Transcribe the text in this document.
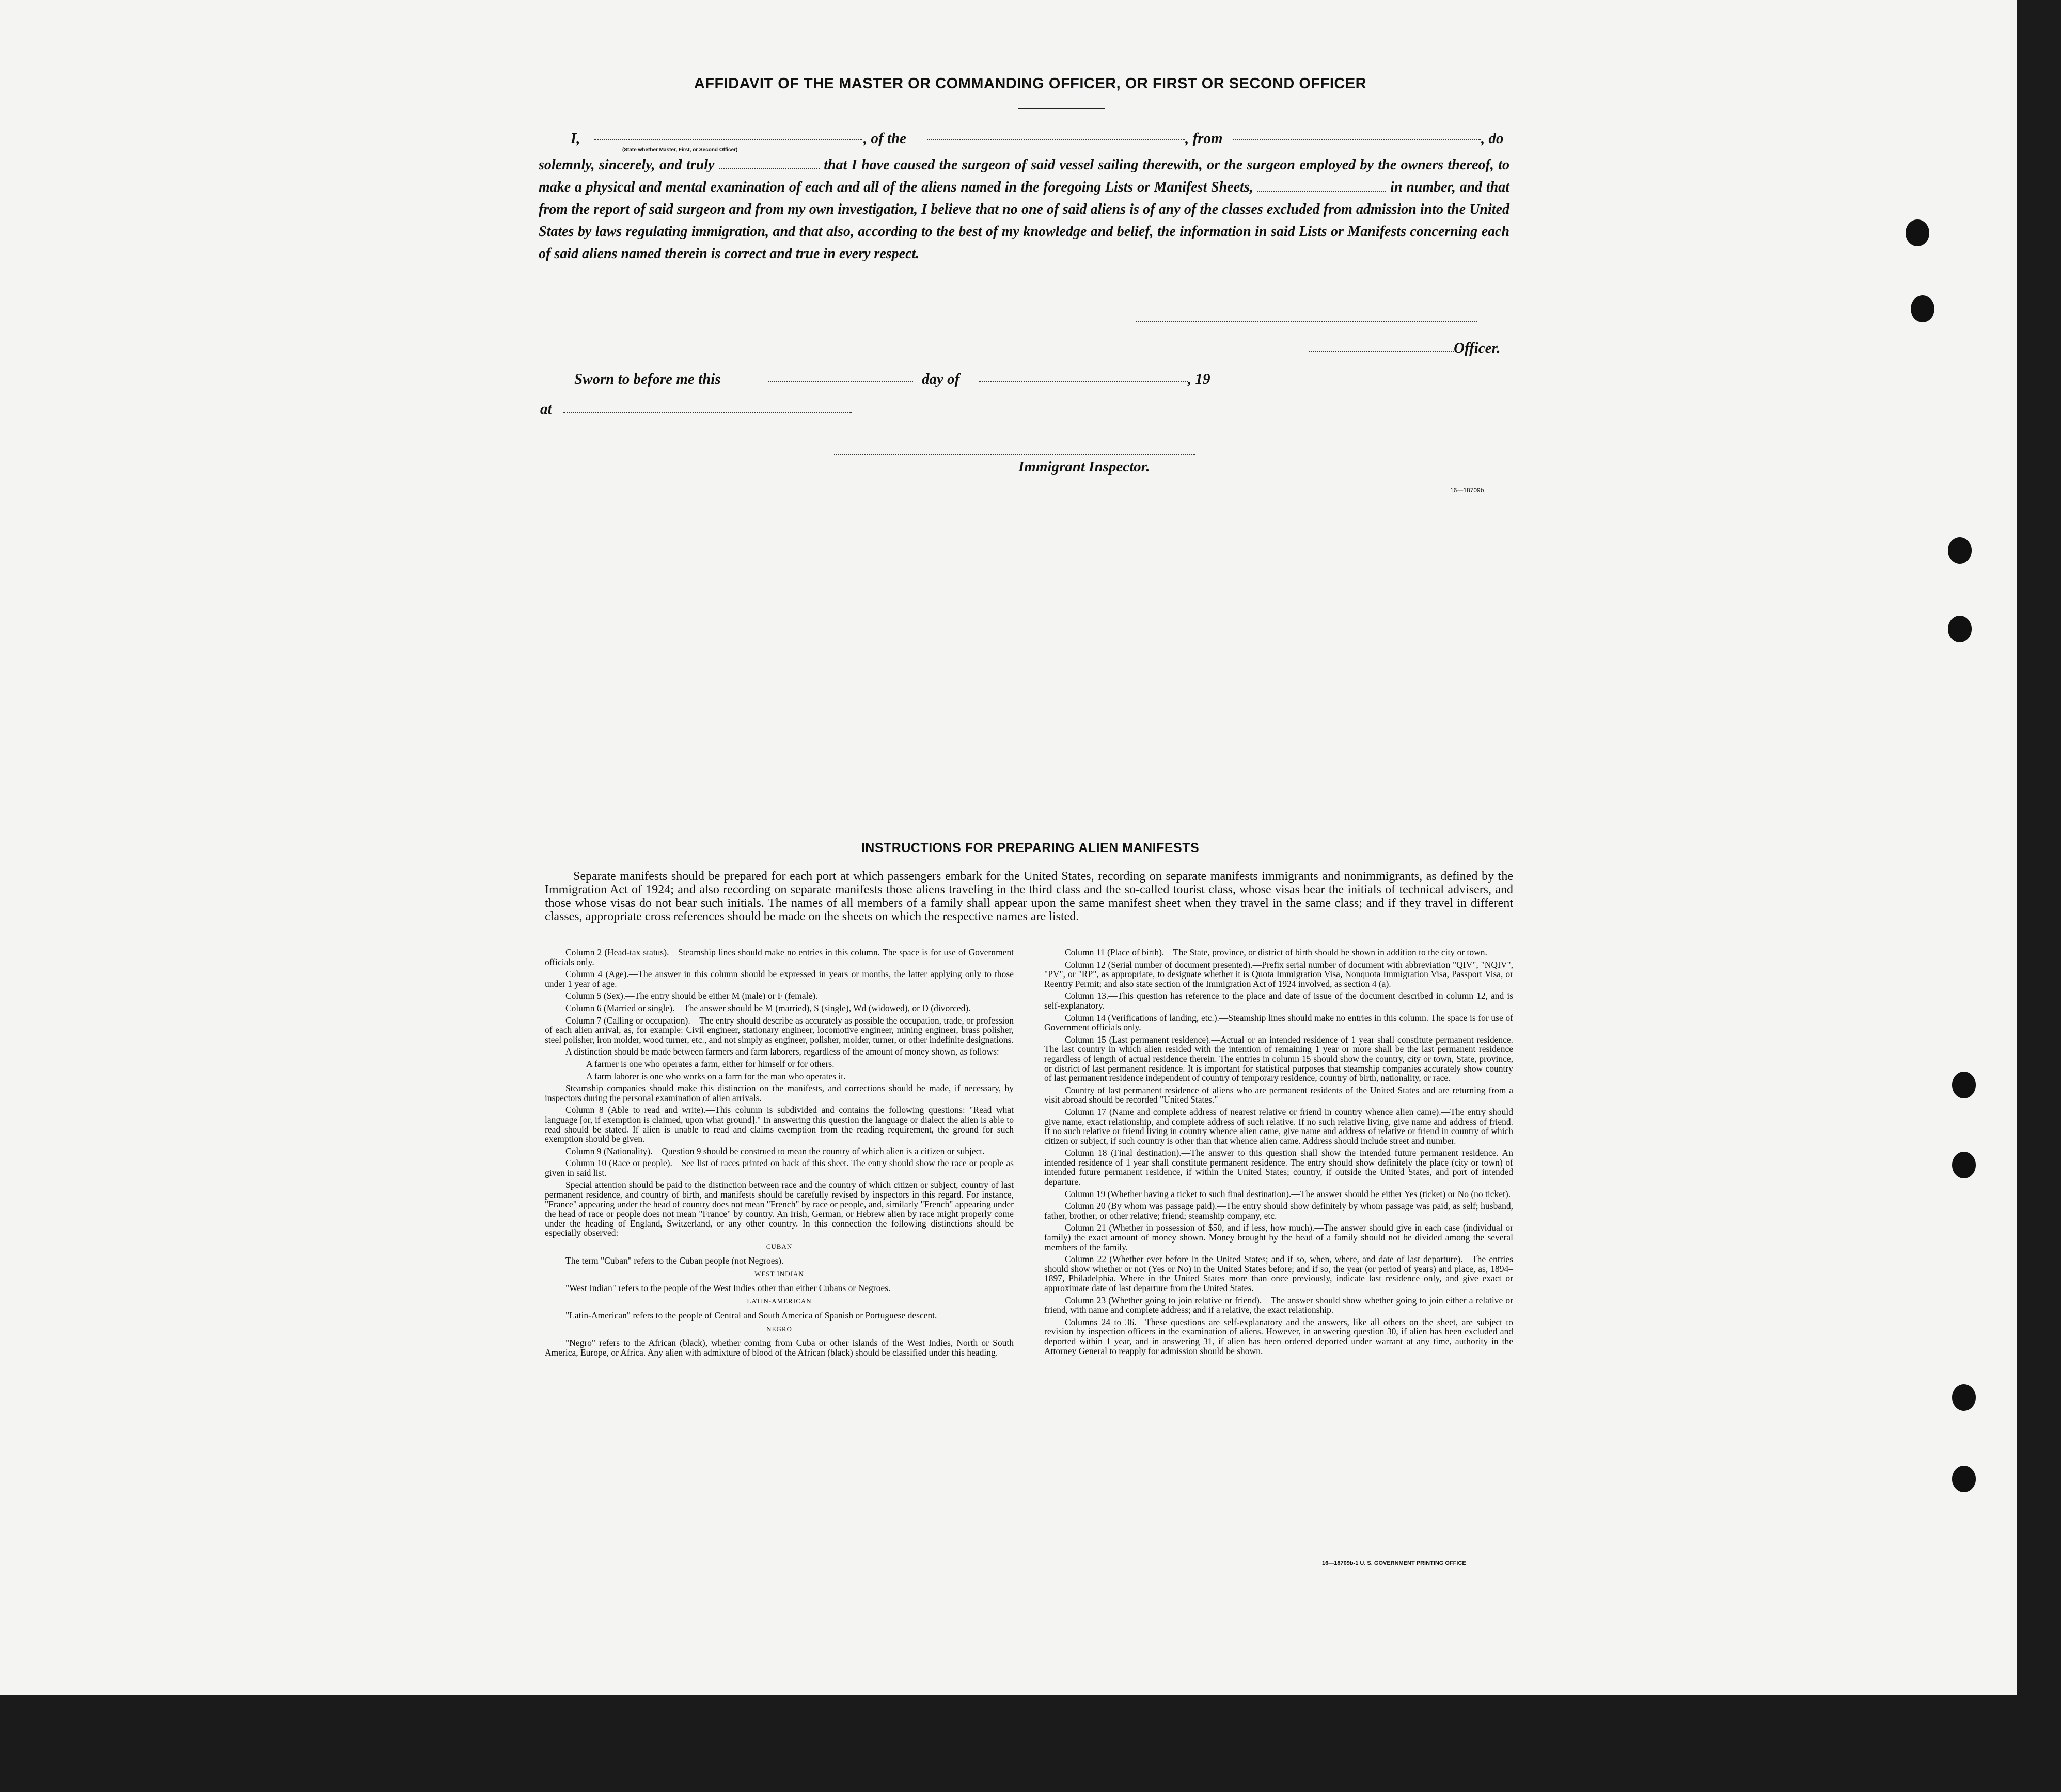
AFFIDAVIT OF THE MASTER OR COMMANDING OFFICER, OR FIRST OR SECOND OFFICER
I,	, of the	, from	, do
(State whether Master, First, or Second Officer)
solemnly, sincerely, and truly	that I have caused the surgeon of said vessel sailing therewith, or the surgeon employed by the owners thereof, to make a physical and mental examination of each and all of the aliens named in the foregoing Lists or Manifest Sheets,	in number, and that from the report of said surgeon and from my own investigation, I believe that no one of said aliens is of any of the classes excluded from admission into the United States by laws regulating immigration, and that also, according to the best of my knowledge and belief, the information in said Lists or Manifests concerning each of said aliens named therein is correct and true in every respect.
Officer.
Sworn to before me this	day of	, 19
at
Immigrant Inspector.
16—18709b
INSTRUCTIONS FOR PREPARING ALIEN MANIFESTS
Separate manifests should be prepared for each port at which passengers embark for the United States, recording on separate manifests immigrants and nonimmigrants, as defined by the Immigration Act of 1924; and also recording on separate manifests those aliens traveling in the third class and the so-called tourist class, whose visas bear the initials of technical advisers, and those whose visas do not bear such initials. The names of all members of a family shall appear upon the same manifest sheet when they travel in the same class; and if they travel in different classes, appropriate cross references should be made on the sheets on which the respective names are listed.

Column 2 (Head-tax status).—Steamship lines should make no entries in this column. The space is for use of Government officials only.

Column 4 (Age).—The answer in this column should be expressed in years or months, the latter applying only to those under 1 year of age.

Column 5 (Sex).—The entry should be either M (male) or F (female).

Column 6 (Married or single).—The answer should be M (married), S (single), Wd (widowed), or D (divorced).

Column 7 (Calling or occupation).—The entry should describe as accurately as possible the occupation, trade, or profession of each alien arrival, as, for example: Civil engineer, stationary engineer, locomotive engineer, mining engineer, brass polisher, steel polisher, iron molder, wood turner, etc., and not simply as engineer, polisher, molder, turner, or other indefinite designations.

A distinction should be made between farmers and farm laborers, regardless of the amount of money shown, as follows:

A farmer is one who operates a farm, either for himself or for others.

A farm laborer is one who works on a farm for the man who operates it.

Steamship companies should make this distinction on the manifests, and corrections should be made, if necessary, by inspectors during the personal examination of alien arrivals.

Column 8 (Able to read and write).—This column is subdivided and contains the following questions: "Read what language [or, if exemption is claimed, upon what ground]." In answering this question the language or dialect the alien is able to read should be stated. If alien is unable to read and claims exemption from the reading requirement, the ground for such exemption should be given.

Column 9 (Nationality).—Question 9 should be construed to mean the country of which alien is a citizen or subject.

Column 10 (Race or people).—See list of races printed on back of this sheet. The entry should show the race or people as given in said list.

Special attention should be paid to the distinction between race and the country of which citizen or subject, country of last permanent residence, and country of birth, and manifests should be carefully revised by inspectors in this regard. For instance, "France" appearing under the head of country does not mean "French" by race or people, and, similarly "French" appearing under the head of race or people does not mean "France" by country. An Irish, German, or Hebrew alien by race might properly come under the heading of England, Switzerland, or any other country. In this connection the following distinctions should be especially observed:

CUBAN

The term "Cuban" refers to the Cuban people (not Negroes).

WEST INDIAN

"West Indian" refers to the people of the West Indies other than either Cubans or Negroes.

LATIN-AMERICAN

"Latin-American" refers to the people of Central and South America of Spanish or Portuguese descent.

NEGRO

"Negro" refers to the African (black), whether coming from Cuba or other islands of the West Indies, North or South America, Europe, or Africa. Any alien with admixture of blood of the African (black) should be classified under this heading.

Column 11 (Place of birth).—The State, province, or district of birth should be shown in addition to the city or town.

Column 12 (Serial number of document presented).—Prefix serial number of document with abbreviation "QIV", "NQIV", "PV", or "RP", as appropriate, to designate whether it is Quota Immigration Visa, Nonquota Immigration Visa, Passport Visa, or Reentry Permit; and also state section of the Immigration Act of 1924 involved, as section 4 (a).

Column 13.—This question has reference to the place and date of issue of the document described in column 12, and is self-explanatory.

Column 14 (Verifications of landing, etc.).—Steamship lines should make no entries in this column. The space is for use of Government officials only.

Column 15 (Last permanent residence).—Actual or an intended residence of 1 year shall constitute permanent residence. The last country in which alien resided with the intention of remaining 1 year or more shall be the last permanent residence regardless of length of actual residence therein. The entries in column 15 should show the country, city or town, State, province, or district of last permanent residence. It is important for statistical purposes that steamship companies accurately show country of last permanent residence independent of country of temporary residence, country of birth, nationality, or race.

Country of last permanent residence of aliens who are permanent residents of the United States and are returning from a visit abroad should be recorded "United States."

Column 17 (Name and complete address of nearest relative or friend in country whence alien came).—The entry should give name, exact relationship, and complete address of such relative. If no such relative living, give name and address of friend. If no such relative or friend living in country whence alien came, give name and address of relative or friend in country of which citizen or subject, if such country is other than that whence alien came. Address should include street and number.

Column 18 (Final destination).—The answer to this question shall show the intended future permanent residence. An intended residence of 1 year shall constitute permanent residence. The entry should show definitely the place (city or town) of intended future permanent residence, if within the United States; country, if outside the United States, and port of intended departure.

Column 19 (Whether having a ticket to such final destination).—The answer should be either Yes (ticket) or No (no ticket).

Column 20 (By whom was passage paid).—The entry should show definitely by whom passage was paid, as self; husband, father, brother, or other relative; friend; steamship company, etc.

Column 21 (Whether in possession of $50, and if less, how much).—The answer should give in each case (individual or family) the exact amount of money shown. Money brought by the head of a family should not be divided among the several members of the family.

Column 22 (Whether ever before in the United States; and if so, when, where, and date of last departure).—The entries should show whether or not (Yes or No) in the United States before; and if so, the year (or period of years) and place, as, 1894–1897, Philadelphia. Where in the United States more than once previously, indicate last residence only, and give exact or approximate date of last departure from the United States.

Column 23 (Whether going to join relative or friend).—The answer should show whether going to join either a relative or friend, with name and complete address; and if a relative, the exact relationship.

Columns 24 to 36.—These questions are self-explanatory and the answers, like all others on the sheet, are subject to revision by inspection officers in the examination of aliens. However, in answering question 30, if alien has been excluded and deported within 1 year, and in answering 31, if alien has been ordered deported under warrant at any time, authority in the Attorney General to reapply for admission should be shown.

16—18709b-1 U. S. GOVERNMENT PRINTING OFFICE
